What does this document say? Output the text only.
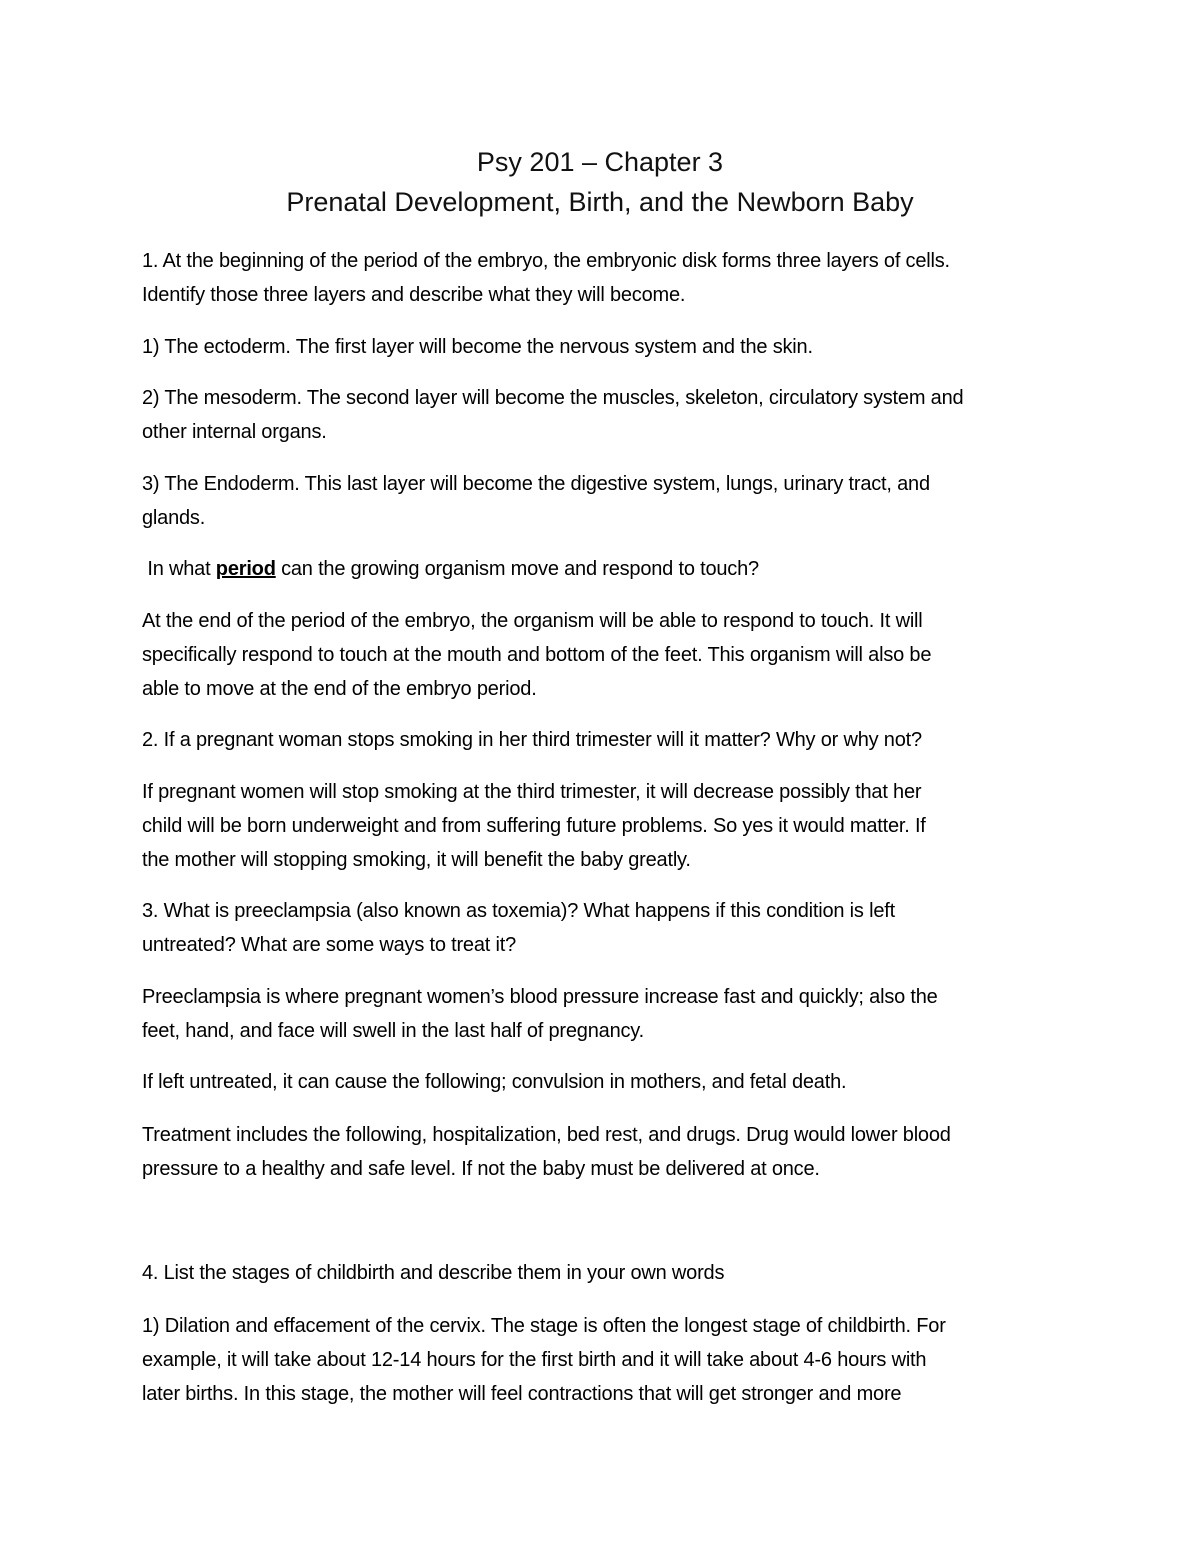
Psy 201 – Chapter 3
Prenatal Development, Birth, and the Newborn Baby
1. At the beginning of the period of the embryo, the embryonic disk forms three layers of cells.
Identify those three layers and describe what they will become.
1) The ectoderm. The first layer will become the nervous system and the skin.
2) The mesoderm. The second layer will become the muscles, skeleton, circulatory system and
other internal organs.
3) The Endoderm. This last layer will become the digestive system, lungs, urinary tract, and
glands.
In what period can the growing organism move and respond to touch?
At the end of the period of the embryo, the organism will be able to respond to touch. It will
specifically respond to touch at the mouth and bottom of the feet. This organism will also be
able to move at the end of the embryo period.
2. If a pregnant woman stops smoking in her third trimester will it matter? Why or why not?
If pregnant women will stop smoking at the third trimester, it will decrease possibly that her
child will be born underweight and from suffering future problems. So yes it would matter. If
the mother will stopping smoking, it will benefit the baby greatly.
3. What is preeclampsia (also known as toxemia)? What happens if this condition is left
untreated? What are some ways to treat it?
Preeclampsia is where pregnant women’s blood pressure increase fast and quickly; also the
feet, hand, and face will swell in the last half of pregnancy.
If left untreated, it can cause the following; convulsion in mothers, and fetal death.
Treatment includes the following, hospitalization, bed rest, and drugs. Drug would lower blood
pressure to a healthy and safe level. If not the baby must be delivered at once.
4. List the stages of childbirth and describe them in your own words
1) Dilation and effacement of the cervix. The stage is often the longest stage of childbirth. For
example, it will take about 12-14 hours for the first birth and it will take about 4-6 hours with
later births. In this stage, the mother will feel contractions that will get stronger and more
